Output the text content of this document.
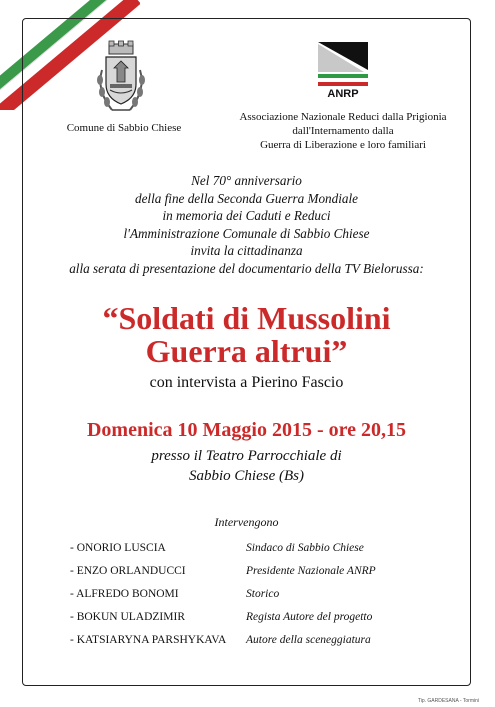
Comune di Sabbio Chiese
ANRP
Associazione Nazionale Reduci dalla Prigionia
dall'Internamento dalla
Guerra di Liberazione e loro familiari
Nel 70° anniversario
della fine della Seconda Guerra Mondiale
in memoria dei Caduti e Reduci
l'Amministrazione Comunale di Sabbio Chiese
invita la cittadinanza
alla serata di presentazione del documentario della TV Bielorussa:
“Soldati di Mussolini
Guerra altrui”
con intervista a Pierino Fascio
Domenica 10 Maggio 2015 - ore 20,15
presso il Teatro Parrocchiale di
Sabbio Chiese (Bs)
Intervengono
- ONORIO LUSCIA	Sindaco di Sabbio Chiese
- ENZO ORLANDUCCI	Presidente Nazionale ANRP
- ALFREDO BONOMI	Storico
- BOKUN ULADZIMIR	Regista Autore del progetto
- KATSIARYNA PARSHYKAVA Autore della sceneggiatura
Tip. GARDESANA - Tormini
